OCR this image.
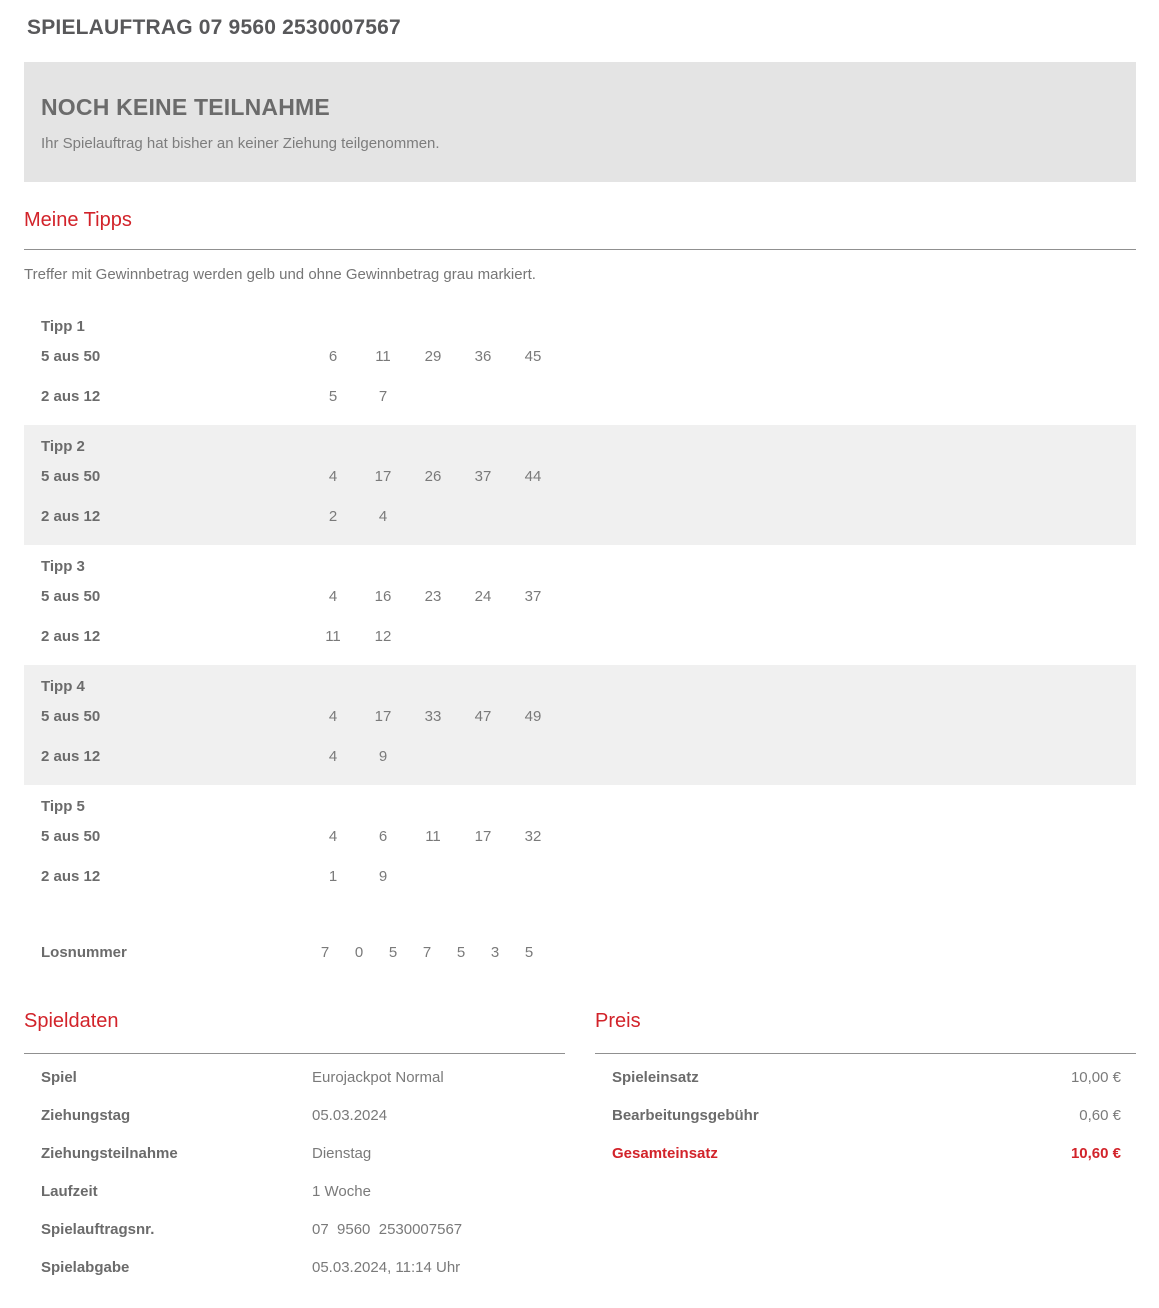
SPIELAUFTRAG 07 9560 2530007567
NOCH KEINE TEILNAHME
Ihr Spielauftrag hat bisher an keiner Ziehung teilgenommen.
Meine Tipps
Treffer mit Gewinnbetrag werden gelb und ohne Gewinnbetrag grau markiert.
Tipp 1
5 aus 50	6	11	29	36	45
2 aus 12	5	7
Tipp 2
5 aus 50	4	17	26	37	44
2 aus 12	2	4
Tipp 3
5 aus 50	4	16	23	24	37
2 aus 12	11	12
Tipp 4
5 aus 50	4	17	33	47	49
2 aus 12	4	9
Tipp 5
5 aus 50	4	6	11	17	32
2 aus 12	1	9
Losnummer	7	0	5	7	5	3	5
Spieldaten
Spiel	Eurojackpot Normal
Ziehungstag	05.03.2024
Ziehungsteilnahme	Dienstag
Laufzeit	1 Woche
Spielauftragsnr.	07  9560  2530007567
Spielabgabe	05.03.2024, 11:14 Uhr
Preis
Spieleinsatz	10,00 €
Bearbeitungsgebühr	0,60 €
Gesamteinsatz	10,60 €
